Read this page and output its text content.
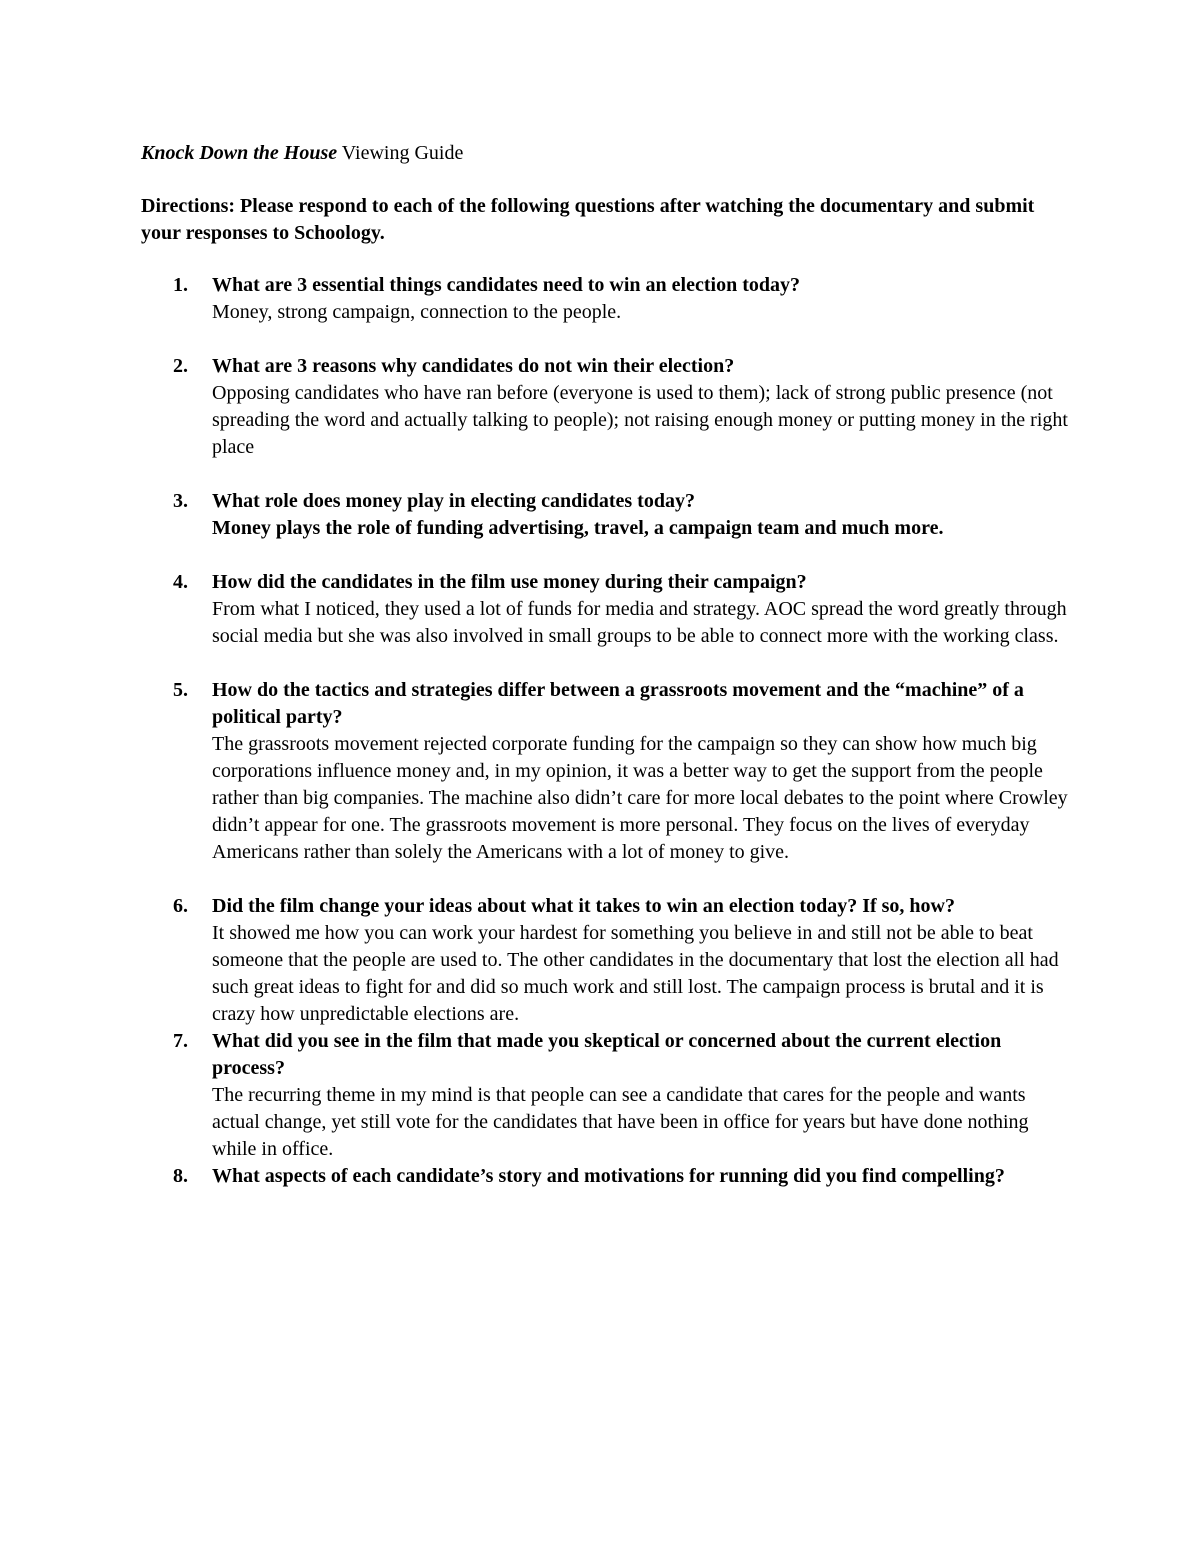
Knock Down the House Viewing Guide
Directions: Please respond to each of the following questions after watching the documentary and submit your responses to Schoology.
1. What are 3 essential things candidates need to win an election today?
Money, strong campaign, connection to the people.
2. What are 3 reasons why candidates do not win their election?
Opposing candidates who have ran before (everyone is used to them); lack of strong public presence (not spreading the word and actually talking to people); not raising enough money or putting money in the right place
3. What role does money play in electing candidates today?
Money plays the role of funding advertising, travel, a campaign team and much more.
4. How did the candidates in the film use money during their campaign?
From what I noticed, they used a lot of funds for media and strategy. AOC spread the word greatly through social media but she was also involved in small groups to be able to connect more with the working class.
5. How do the tactics and strategies differ between a grassroots movement and the “machine” of a political party?
The grassroots movement rejected corporate funding for the campaign so they can show how much big corporations influence money and, in my opinion, it was a better way to get the support from the people rather than big companies. The machine also didn’t care for more local debates to the point where Crowley didn’t appear for one. The grassroots movement is more personal. They focus on the lives of everyday Americans rather than solely the Americans with a lot of money to give.
6. Did the film change your ideas about what it takes to win an election today? If so, how?
It showed me how you can work your hardest for something you believe in and still not be able to beat someone that the people are used to. The other candidates in the documentary that lost the election all had such great ideas to fight for and did so much work and still lost. The campaign process is brutal and it is crazy how unpredictable elections are.
7. What did you see in the film that made you skeptical or concerned about the current election process?
The recurring theme in my mind is that people can see a candidate that cares for the people and wants actual change, yet still vote for the candidates that have been in office for years but have done nothing while in office.
8. What aspects of each candidate’s story and motivations for running did you find compelling?
